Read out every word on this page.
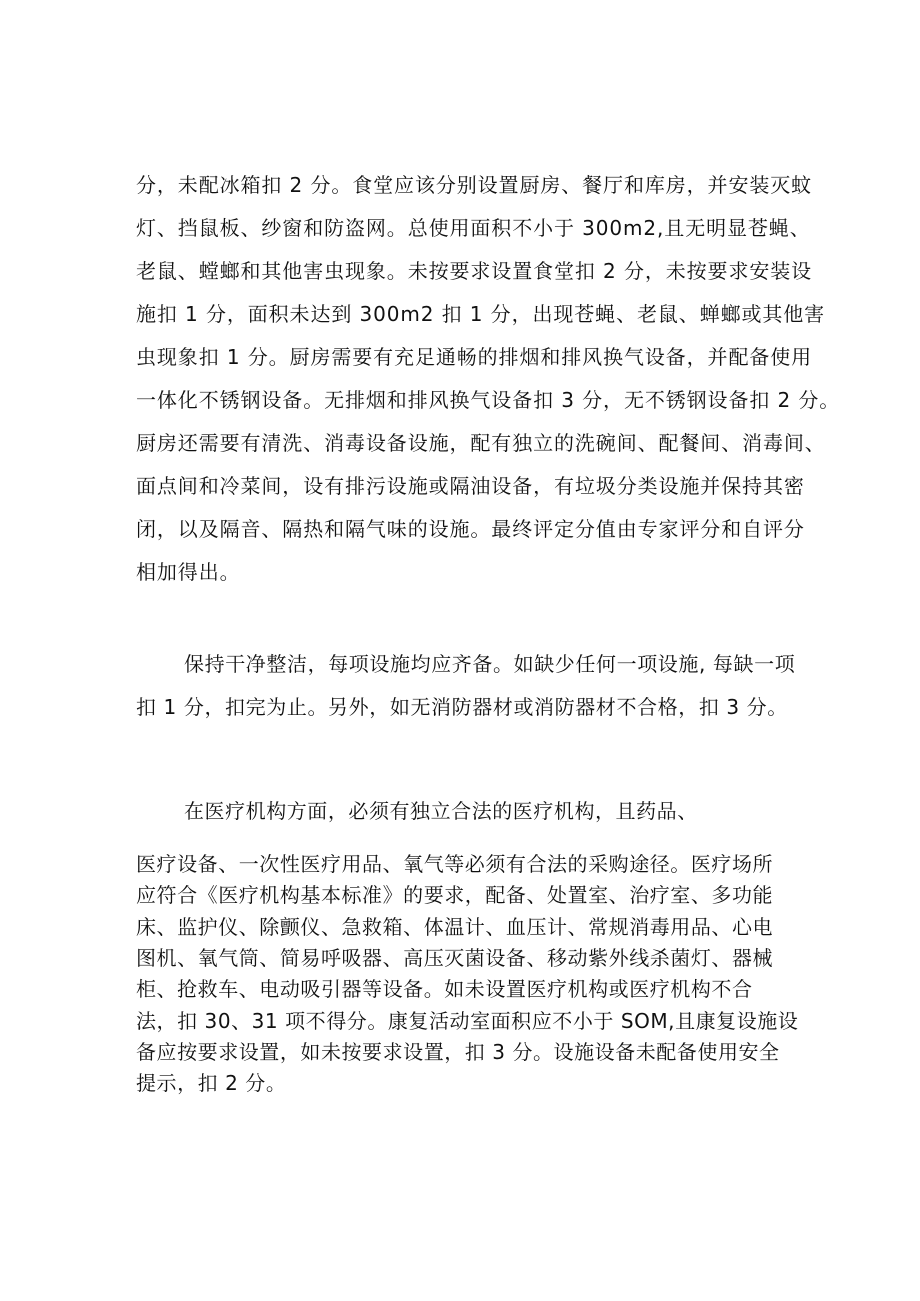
分，未配冰箱扣 2 分。食堂应该分别设置厨房、餐厅和库房，并安装灭蚊
灯、挡鼠板、纱窗和防盗网。总使用面积不小于 300m2,且无明显苍蝇、
老鼠、螳螂和其他害虫现象。未按要求设置食堂扣 2 分，未按要求安装设
施扣 1 分，面积未达到 300m2 扣 1 分，出现苍蝇、老鼠、蝉螂或其他害
虫现象扣 1 分。厨房需要有充足通畅的排烟和排风换气设备，并配备使用
一体化不锈钢设备。无排烟和排风换气设备扣 3 分，无不锈钢设备扣 2 分。
厨房还需要有清洗、消毒设备设施，配有独立的洗碗间、配餐间、消毒间、
面点间和冷菜间，设有排污设施或隔油设备，有垃圾分类设施并保持其密
闭，以及隔音、隔热和隔气味的设施。最终评定分值由专家评分和自评分
相加得出。
保持干净整洁，每项设施均应齐备。如缺少任何一项设施, 每缺一项
扣 1 分，扣完为止。另外，如无消防器材或消防器材不合格，扣 3 分。
在医疗机构方面，必须有独立合法的医疗机构，且药品、
医疗设备、一次性医疗用品、氧气等必须有合法的采购途径。医疗场所
应符合《医疗机构基本标准》的要求，配备、处置室、治疗室、多功能
床、监护仪、除颤仪、急救箱、体温计、血压计、常规消毒用品、心电
图机、氧气筒、简易呼吸器、高压灭菌设备、移动紫外线杀菌灯、器械
柜、抢救车、电动吸引器等设备。如未设置医疗机构或医疗机构不合
法，扣 30、31 项不得分。康复活动室面积应不小于 SOM,且康复设施设
备应按要求设置，如未按要求设置，扣 3 分。设施设备未配备使用安全
提示，扣 2 分。
